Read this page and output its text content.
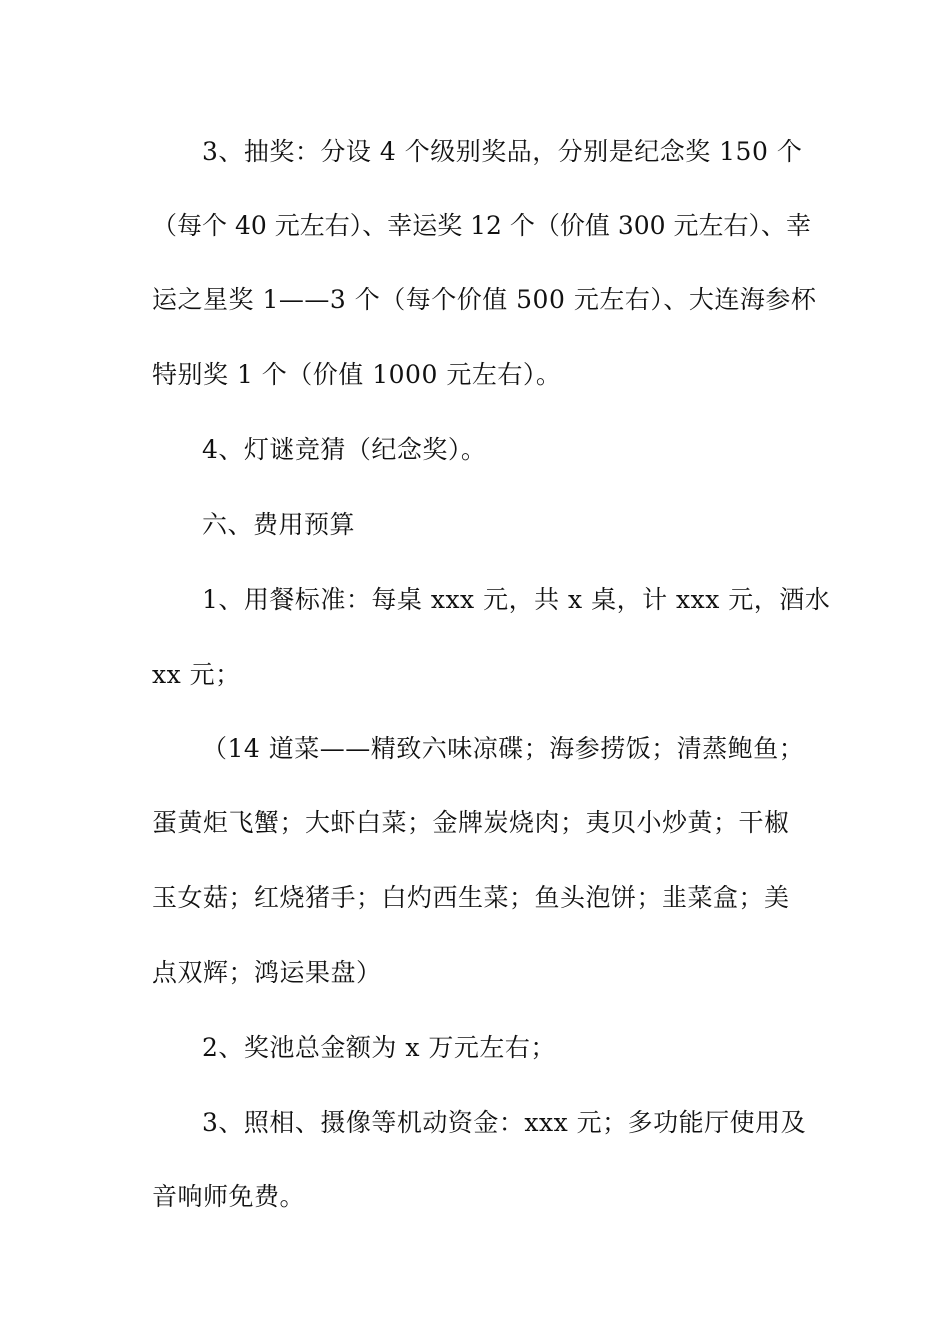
3、抽奖：分设 4 个级别奖品，分别是纪念奖 150 个
（每个 40 元左右）、幸运奖 12 个（价值 300 元左右）、幸
运之星奖 1——3 个（每个价值 500 元左右）、大连海参杯
特别奖 1 个（价值 1000 元左右）。
4、灯谜竞猜（纪念奖）。
六、费用预算
1、用餐标准：每桌 xxx 元，共 x 桌，计 xxx 元，酒水
xx 元；
（14 道菜——精致六味凉碟；海参捞饭；清蒸鲍鱼；
蛋黄炬飞蟹；大虾白菜；金牌炭烧肉；夷贝小炒黄；干椒
玉女菇；红烧猪手；白灼西生菜；鱼头泡饼；韭菜盒；美
点双辉；鸿运果盘）
2、奖池总金额为 x 万元左右；
3、照相、摄像等机动资金：xxx 元；多功能厅使用及
音响师免费。
